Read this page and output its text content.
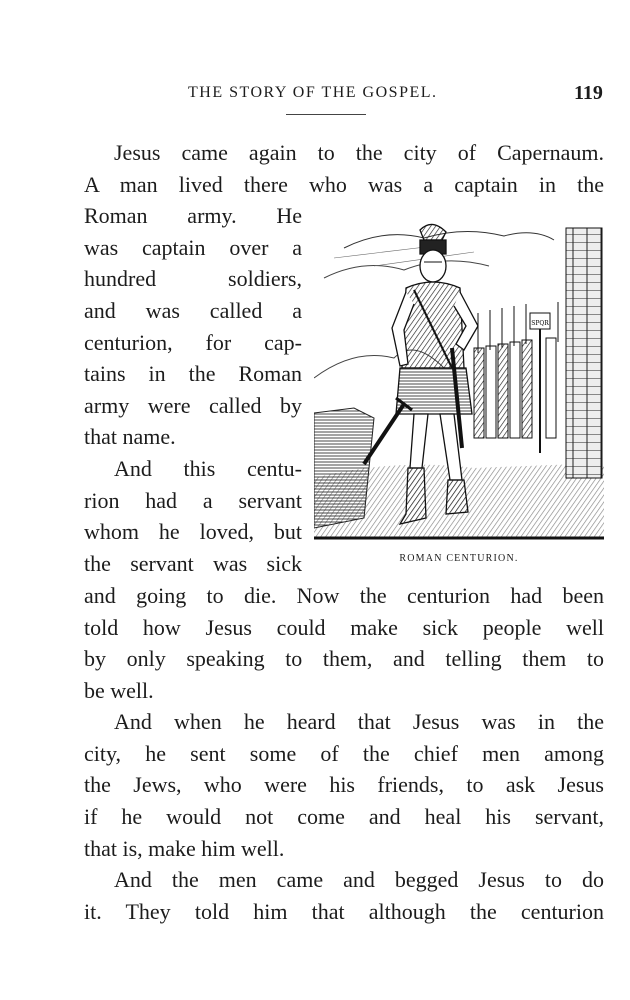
THE STORY OF THE GOSPEL.	119
Jesus came again to the city of Capernaum.
A man lived there who was a captain in the
Roman army. He
was captain over a
hundred soldiers,
and was called a
centurion, for cap-
tains in the Roman
army were called by
that name.
And this centu-
rion had a servant
whom he loved, but
the servant was sick
and going to die. Now the centurion had been
told how Jesus could make sick people well
by only speaking to them, and telling them to
be well.
And when he heard that Jesus was in the
city, he sent some of the chief men among
the Jews, who were his friends, to ask Jesus
if he would not come and heal his servant,
that is, make him well.
And the men came and begged Jesus to do
it. They told him that although the centurion
SPQR
ROMAN CENTURION.
